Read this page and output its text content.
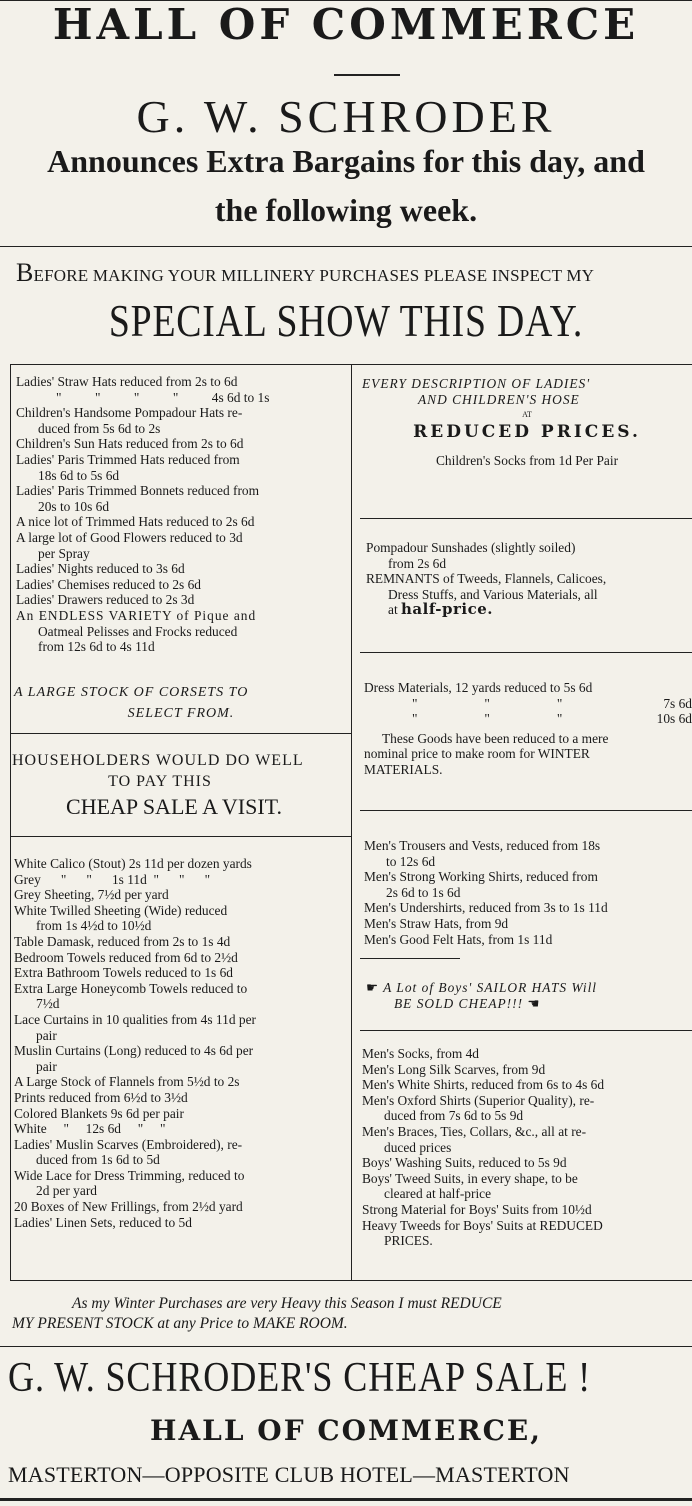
HALL OF COMMERCE
G. W. SCHRODER
Announces Extra Bargains for this day, and
the following week.
BEFORE MAKING YOUR MILLINERY PURCHASES PLEASE INSPECT MY
SPECIAL SHOW THIS DAY.

Ladies' Straw Hats reduced from 2s to 6d

"          "          "          "          4s 6d to 1s

Children's Handsome Pompadour Hats re-

duced from 5s 6d to 2s

Children's Sun Hats reduced from 2s to 6d

Ladies' Paris Trimmed Hats reduced from

18s 6d to 5s 6d

Ladies' Paris Trimmed Bonnets reduced from

20s to 10s 6d

A nice lot of Trimmed Hats reduced to 2s 6d

A large lot of Good Flowers reduced to 3d

per Spray

Ladies' Nights reduced to 3s 6d

Ladies' Chemises reduced to 2s 6d

Ladies' Drawers reduced to 2s 3d

An ENDLESS VARIETY of Pique and

Oatmeal Pelisses and Frocks reduced

from 12s 6d to 4s 11d

A LARGE STOCK OF CORSETS TO

SELECT FROM.

HOUSEHOLDERS WOULD DO WELL

TO PAY THIS

CHEAP SALE A VISIT.

White Calico (Stout) 2s 11d per dozen yards

Grey      "      "      1s 11d  "      "      "

Grey Sheeting, 7½d per yard

White Twilled Sheeting (Wide) reduced

from 1s 4½d to 10½d

Table Damask, reduced from 2s to 1s 4d

Bedroom Towels reduced from 6d to 2½d

Extra Bathroom Towels reduced to 1s 6d

Extra Large Honeycomb Towels reduced to

7½d

Lace Curtains in 10 qualities from 4s 11d per

pair

Muslin Curtains (Long) reduced to 4s 6d per

pair

A Large Stock of Flannels from 5½d to 2s

Prints reduced from 6½d to 3½d

Colored Blankets 9s 6d per pair

White     "     12s 6d     "     "

Ladies' Muslin Scarves (Embroidered), re-

duced from 1s 6d to 5d

Wide Lace for Dress Trimming, reduced to

2d per yard

20 Boxes of New Frillings, from 2½d yard

Ladies' Linen Sets, reduced to 5d

EVERY DESCRIPTION OF LADIES'

AND CHILDREN'S HOSE

AT

REDUCED PRICES.

Children's Socks from 1d Per Pair

Pompadour Sunshades (slightly soiled)

from 2s 6d

REMNANTS of Tweeds, Flannels, Calicoes,

Dress Stuffs, and Various Materials, all

at half-price.

Dress Materials, 12 yards reduced to 5s 6d

"                    "                    "	7s 6d

"                    "                    "	10s 6d

These Goods have been reduced to a mere

nominal price to make room for WINTER

MATERIALS.

Men's Trousers and Vests, reduced from 18s

to 12s 6d

Men's Strong Working Shirts, reduced from

2s 6d to 1s 6d

Men's Undershirts, reduced from 3s to 1s 11d

Men's Straw Hats, from 9d

Men's Good Felt Hats, from 1s 11d

☛ A Lot of Boys' SAILOR HATS Will

BE SOLD CHEAP!!! ☚

Men's Socks, from 4d

Men's Long Silk Scarves, from 9d

Men's White Shirts, reduced from 6s to 4s 6d

Men's Oxford Shirts (Superior Quality), re-

duced from 7s 6d to 5s 9d

Men's Braces, Ties, Collars, &c., all at re-

duced prices

Boys' Washing Suits, reduced to 5s 9d

Boys' Tweed Suits, in every shape, to be

cleared at half-price

Strong Material for Boys' Suits from 10½d

Heavy Tweeds for Boys' Suits at REDUCED

PRICES.

As my Winter Purchases are very Heavy this Season I must REDUCE
MY PRESENT STOCK at any Price to MAKE ROOM.
G. W. SCHRODER'S CHEAP SALE !
HALL OF COMMERCE,
MASTERTON—OPPOSITE CLUB HOTEL—MASTERTON
